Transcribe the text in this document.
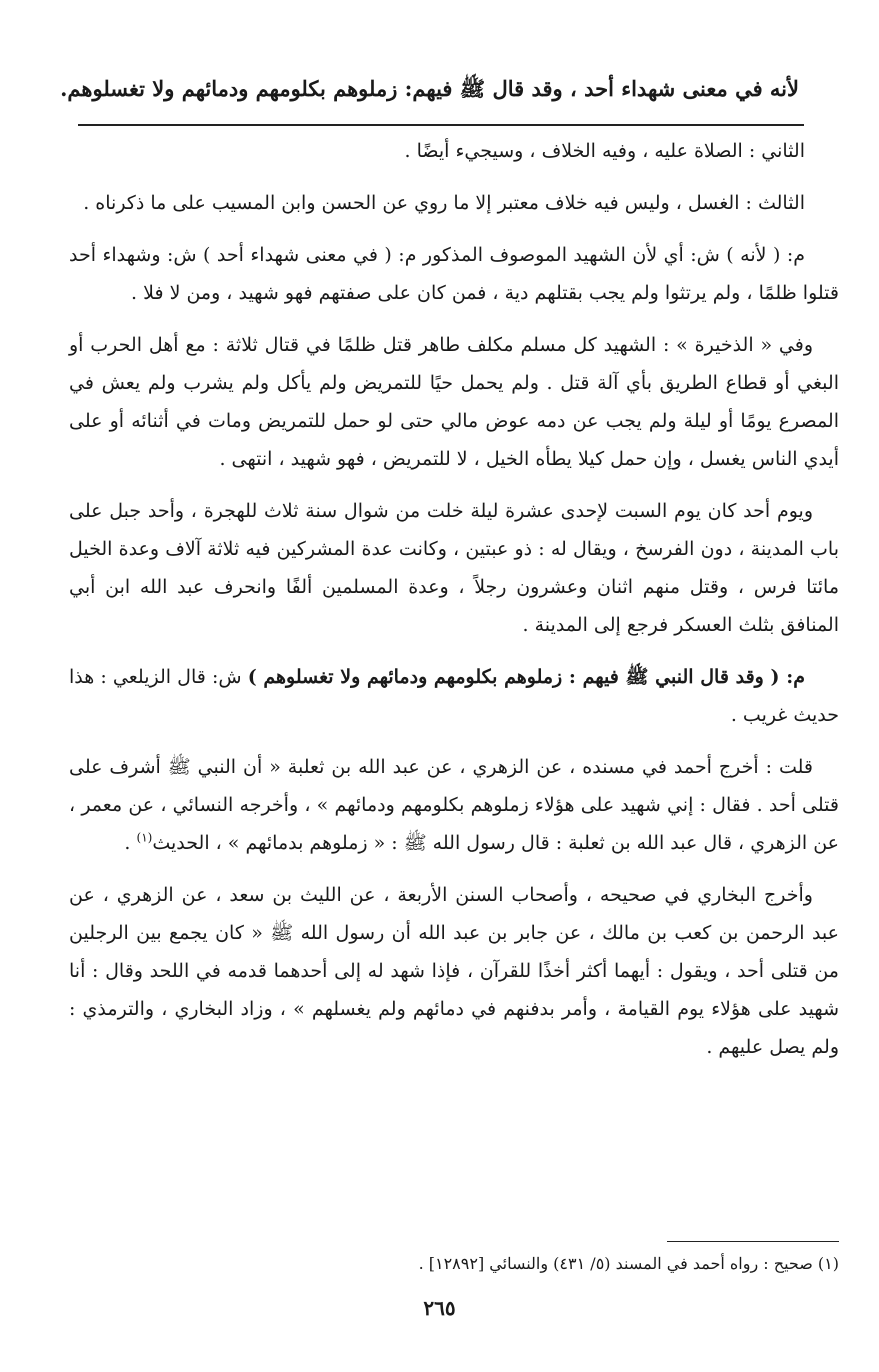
لأنه في معنى شهداء أحد ، وقد قال ﷺ فيهم: زملوهم بكلومهم ودمائهم ولا تغسلوهم.

الثاني : الصلاة عليه ، وفيه الخلاف ، وسيجيء أيضًا .

الثالث : الغسل ، وليس فيه خلاف معتبر إلا ما روي عن الحسن وابن المسيب على ما ذكرناه .

م: ( لأنه ) ش: أي لأن الشهيد الموصوف المذكور م: ( في معنى شهداء أحد ) ش: وشهداء أحد قتلوا ظلمًا ، ولم يرتثوا ولم يجب بقتلهم دية ، فمن كان على صفتهم فهو شهيد ، ومن لا فلا .

وفي « الذخيرة » : الشهيد كل مسلم مكلف طاهر قتل ظلمًا في قتال ثلاثة : مع أهل الحرب أو البغي أو قطاع الطريق بأي آلة قتل . ولم يحمل حيًا للتمريض ولم يأكل ولم يشرب ولم يعش في المصرع يومًا أو ليلة ولم يجب عن دمه عوض مالي حتى لو حمل للتمريض ومات في أثنائه أو على أيدي الناس يغسل ، وإن حمل كيلا يطأه الخيل ، لا للتمريض ، فهو شهيد ، انتهى .

ويوم أحد كان يوم السبت لإحدى عشرة ليلة خلت من شوال سنة ثلاث للهجرة ، وأحد جبل على باب المدينة ، دون الفرسخ ، ويقال له : ذو عبتين ، وكانت عدة المشركين فيه ثلاثة آلاف وعدة الخيل مائتا فرس ، وقتل منهم اثنان وعشرون رجلاً ، وعدة المسلمين ألفًا وانحرف عبد الله ابن أبي المنافق بثلث العسكر فرجع إلى المدينة .

م: ( وقد قال النبي ﷺ فيهم : زملوهم بكلومهم ودمائهم ولا تغسلوهم ) ش: قال الزيلعي : هذا حديث غريب .

قلت : أخرج أحمد في مسنده ، عن الزهري ، عن عبد الله بن ثعلبة « أن النبي ﷺ أشرف على قتلى أحد . فقال : إني شهيد على هؤلاء زملوهم بكلومهم ودمائهم » ، وأخرجه النسائي ، عن معمر ، عن الزهري ، قال عبد الله بن ثعلبة : قال رسول الله ﷺ : « زملوهم بدمائهم » ، الحديث$^{(١)}$ .

وأخرج البخاري في صحيحه ، وأصحاب السنن الأربعة ، عن الليث بن سعد ، عن الزهري ، عن عبد الرحمن بن كعب بن مالك ، عن جابر بن عبد الله أن رسول الله ﷺ « كان يجمع بين الرجلين من قتلى أحد ، ويقول : أيهما أكثر أخذًا للقرآن ، فإذا شهد له إلى أحدهما قدمه في اللحد وقال : أنا شهيد على هؤلاء يوم القيامة ، وأمر بدفنهم في دمائهم ولم يغسلهم » ، وزاد البخاري ، والترمذي : ولم يصل عليهم .

(١) صحيح : رواه أحمد في المسند (٥/ ٤٣١) والنسائي [١٢٨٩٢] .
٢٦٥
